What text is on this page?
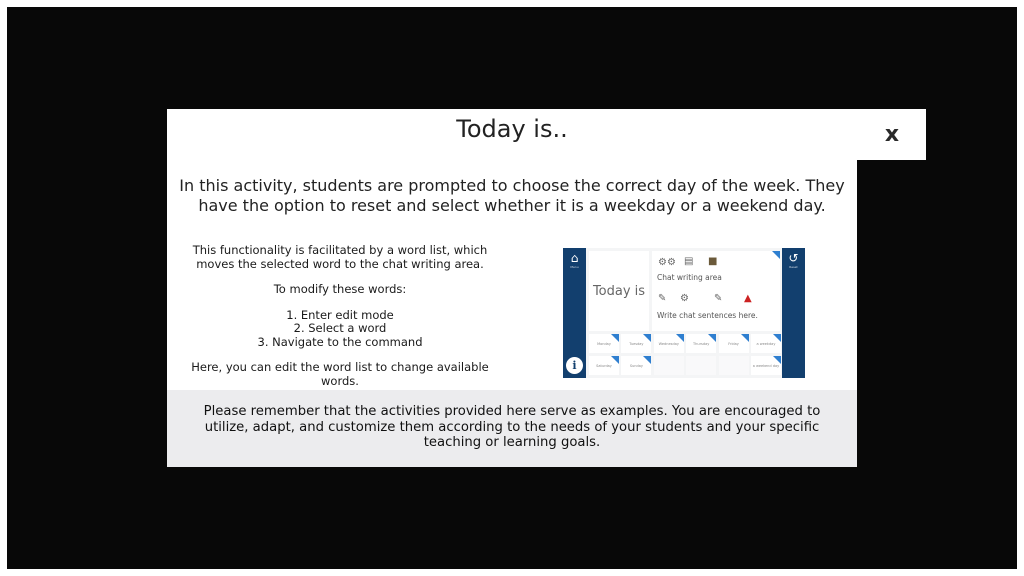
Today is..	x
In this activity, students are prompted to choose the correct day of the week. They have the option to reset and select whether it is a weekday or a weekend day.

This functionality is facilitated by a word list, which moves the selected word to the chat writing area.

To modify these words:

1. Enter edit mode
2. Select a word
3. Navigate to the command

Here, you can edit the word list to change available words.

⌂
Menu
i
Today is
⚙⚙ ▤ ■
Chat writing area
✎ ⚙	✎ ▲
Write chat sentences here.
Monday	Tuesday	Wednesday	Thursday	Friday	a weekday
Saturday	Sunday	a weekend day
↺
Reset
Please remember that the activities provided here serve as examples. You are encouraged to utilize, adapt, and customize them according to the needs of your students and your specific teaching or learning goals.
